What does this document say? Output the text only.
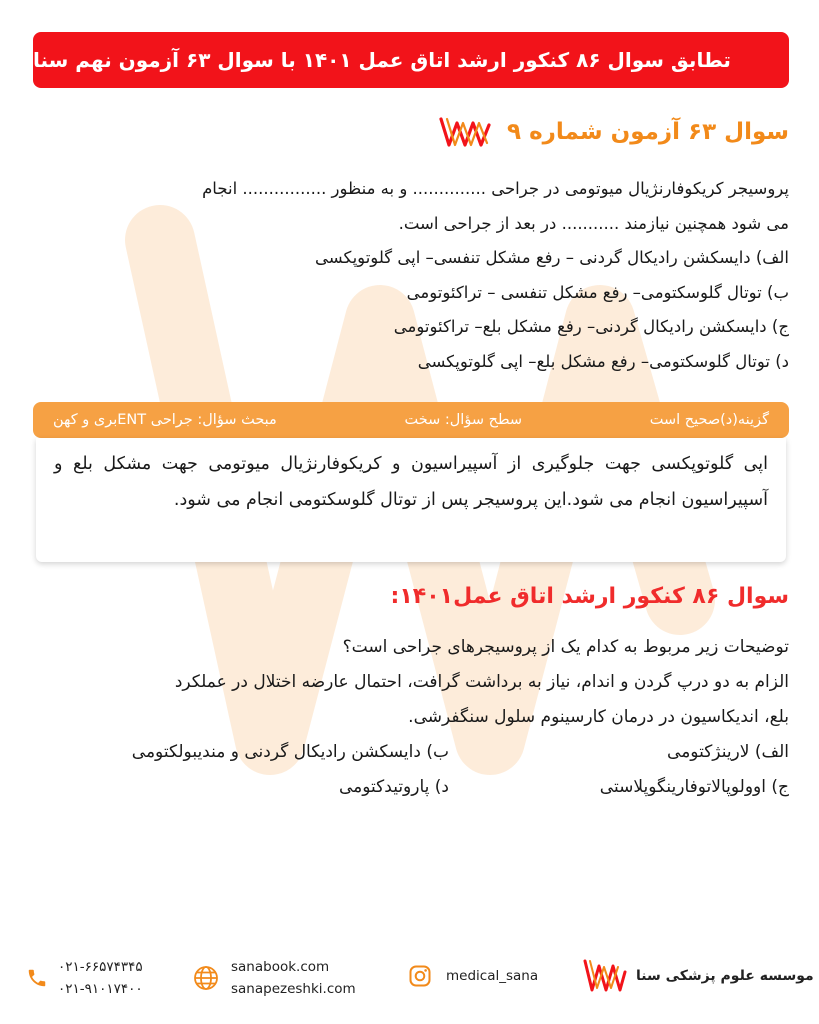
تطابق سوال ۸۶ کنکور ارشد اتاق عمل ۱۴۰۱ با سوال ۶۳ آزمون نهم سنا
سوال ۶۳ آزمون شماره ۹
پروسیجر کریکوفارنژیال میوتومی در جراحی .............. و به منظور ................ انجام
می شود همچنین نیازمند ........... در بعد از جراحی است.
الف) دایسکشن رادیکال گردنی – رفع مشکل تنفسی– اپی گلوتوپکسی
ب) توتال گلوسکتومی– رفع مشکل تنفسی – تراکئوتومی
ج) دایسکشن رادیکال گردنی– رفع مشکل بلع– تراکئوتومی
د) توتال گلوسکتومی– رفع مشکل بلع– اپی گلوتوپکسی
گزینه(د)صحیح است
سطح سؤال: سخت
مبحث سؤال: جراحی ENTبری و کهن
اپی گلوتوپکسی جهت جلوگیری از آسپیراسیون و کریکوفارنژیال میوتومی جهت مشکل بلع و آسپیراسیون انجام می شود.این پروسیجر پس از توتال گلوسکتومی انجام می شود.
سوال ۸۶ کنکور ارشد اتاق عمل۱۴۰۱:
توضیحات زیر مربوط به کدام یک از پروسیجرهای جراحی است؟
الزام به دو درپ گردن و اندام، نیاز به برداشت گرافت، احتمال عارضه اختلال در عملکرد
بلع، اندیکاسیون در درمان کارسینوم سلول سنگفرشی.
الف) لارینژکتومی
ب) دایسکشن رادیکال گردنی و مندیبولکتومی
ج) اوولوپالاتوفارینگوپلاستی
د) پاروتیدکتومی
۰۲۱-۶۶۵۷۴۳۴۵
۰۲۱-۹۱۰۱۷۴۰۰
sanabook.com
sanapezeshki.com
medical_sana	موسسه علوم پزشکی سنا
